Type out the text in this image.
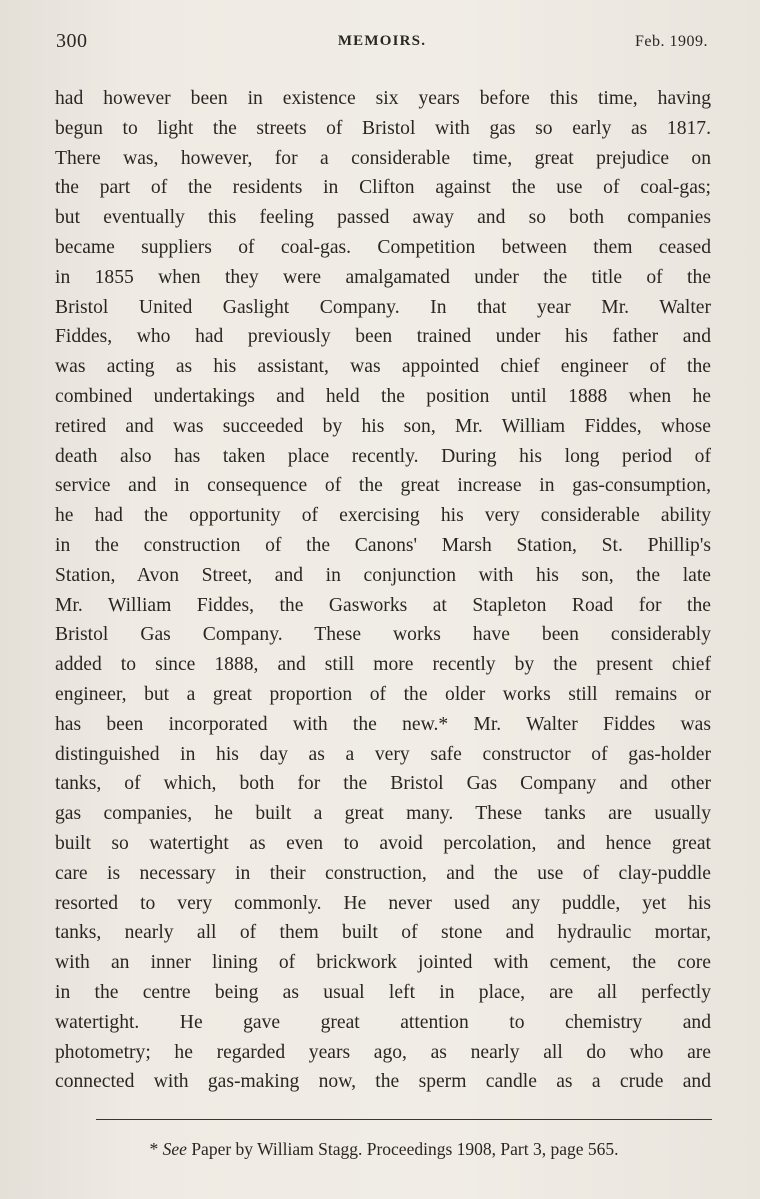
300	MEMOIRS.	Feb. 1909.

had however been in existence six years before this time, having
begun to light the streets of Bristol with gas so early as 1817.
There was, however, for a considerable time, great prejudice on
the part of the residents in Clifton against the use of coal-gas;
but eventually this feeling passed away and so both companies
became suppliers of coal-gas. Competition between them ceased
in 1855 when they were amalgamated under the title of the
Bristol United Gaslight Company. In that year Mr. Walter
Fiddes, who had previously been trained under his father and
was acting as his assistant, was appointed chief engineer of the
combined undertakings and held the position until 1888 when he
retired and was succeeded by his son, Mr. William Fiddes, whose
death also has taken place recently. During his long period of
service and in consequence of the great increase in gas-consumption,
he had the opportunity of exercising his very considerable ability
in the construction of the Canons' Marsh Station, St. Phillip's
Station, Avon Street, and in conjunction with his son, the late
Mr. William Fiddes, the Gasworks at Stapleton Road for the
Bristol Gas Company. These works have been considerably
added to since 1888, and still more recently by the present chief
engineer, but a great proportion of the older works still remains or
has been incorporated with the new.* Mr. Walter Fiddes was
distinguished in his day as a very safe constructor of gas-holder
tanks, of which, both for the Bristol Gas Company and other
gas companies, he built a great many. These tanks are usually
built so watertight as even to avoid percolation, and hence great
care is necessary in their construction, and the use of clay-puddle
resorted to very commonly. He never used any puddle, yet his
tanks, nearly all of them built of stone and hydraulic mortar,
with an inner lining of brickwork jointed with cement, the core
in the centre being as usual left in place, are all perfectly
watertight. He gave great attention to chemistry and
photometry; he regarded years ago, as nearly all do who are
connected with gas-making now, the sperm candle as a crude and

* See Paper by William Stagg. Proceedings 1908, Part 3, page 565.
